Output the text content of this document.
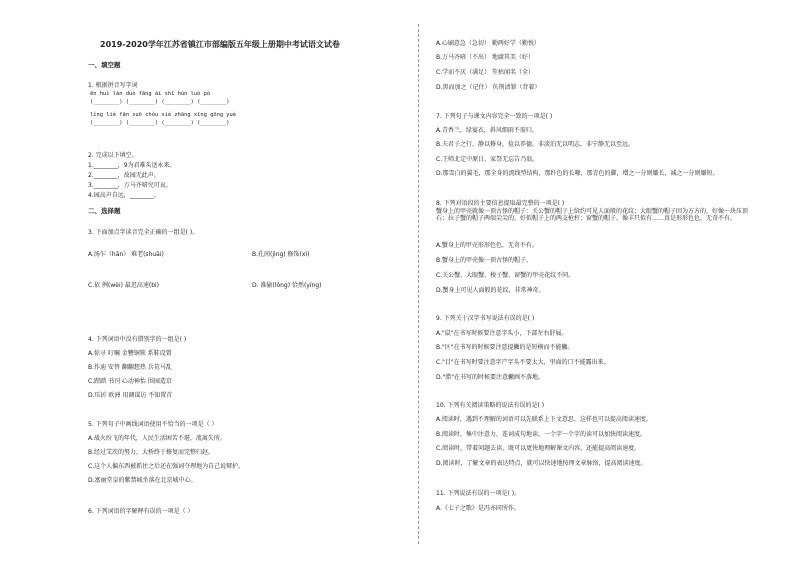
2019-2020学年江苏省镇江市部编版五年级上册期中考试语文试卷
一、填空题
1. 根据拼音写字词
ēn huì lán duò fāng ái shī hún luò pò
(________) (________) (________) (________)
líng liè fān suō chóu xiè zhāng xīng gōng yuè
(________) (________) (________) (________)
2. 完成以下填空。
1.________，9为君难头送永来。
2.________，故园无此声。
3.________，万马齐喑究可哀。
4.园高声自远，________。
二、选择题
3. 下面加点字读音完全正确的一组是( )。
A.汤乍（hān） 难老(shuāi)	B.孔间(jìng) 修饰(xì)
C.依 例(wèi) 最迟高速(bì)	D. 淮偷(lǒng) 恰然(yíng)
4. 下列词语中没有错别字的一组是( )
A.惊寻 叮嘱 金簪铜锁 系鞋设置
B.作迪 安替 翻翻想热 兵荒马乱
C.蹬踏 书刊 心动神怡 围园造京
D.压折 欧洲 用调谋访 不知置首
5. 下列句子中画线词语使用不恰当的一项是（ ）
A.战火纷飞的年代，人民生活困苦不堪，流离失所。
B.经过艾茨的努力，大桥终于修复而完整归赵。
C.这个人偏东西被抓住之后还在强词夺理地为自己说辩护。
D.富丽堂皇的紫禁城坐落在北京城中心。
6. 下列词语的字解释有误的一项是（ ）
A.心刷意急（急切） 勤两好学（勤悦）
B.万马齐喑（不出） 地腐其美（好）
C.学而不厌（满足） 笙枯闻名（全）
D.黑而加之（记住） 负荆请罪（背着）
7. 下列句子与课文内容完全一致的一项是( )
A.青香兰，绿宴衣，斜风细雨不需归。
B.夫君子之行，静以修身，俭以养德。非淡泊无以明志，非宁静无以至远。
C.王师北定中原日，家祭无忘告乃翁。
D.那雪白的翼毛，那全身的流线型结构，那纤色的长喙，那青色的脚，增之一分则嫌长，减之一分则嫌短。
8. 下列对语段的主要信息提取最完整的一项是( )
蟹身上的甲壳就像一顶古怪的帽子：关公蟹的帽子上给约可见人面般的花纹；大眼蟹的帽子因为方方的，好像一块压顶石；拉子蟹的帽子两端尖尖的，好似帽子上的两支枪杆；窗蟹的帽子，像丰只似有……真是形形色色，无奇不有。
A.蟹身上的甲壳形形色色，无奇不有。
B.蟹身上的甲壳像一顶古怪的帽子。
C.关公蟹、大眼蟹、梭子蟹、窗蟹的甲壳花纹不同。
D.蟹身上可见人面般的花纹，非常神奇。
9. 下列关于汉字书写说法有误的是( )
A."鼠"在书写时候要注意字头小，下部左右舒展。
B."区"在书写的时候要注意提撇的是短横而不能撇。
C."目"在书写时要注意字产字头不要太大，里面的口不能露出来。
D."腊"在书写的时候要注意撇画不落地。
10. 下列有关阅读策略的说法有误的是( )
A.阅读时，遇到不理解的词语可以先联系上下文意思，这样也可以提高阅读速度。
B.阅读时，集中注意力，连词成句地读，一个字一个字的读可以加快阅读速度。
C.阅读时，带着问题去读，既可以更快地理解课文内容，还能提高阅读速度。
D.阅读时，了解文章的表达特点，就可以快速地按理文章脉络，提高阅读速度。
11. 下列说法有误的一项是( )。
A.《七子之歌》是冯亦同所作。
